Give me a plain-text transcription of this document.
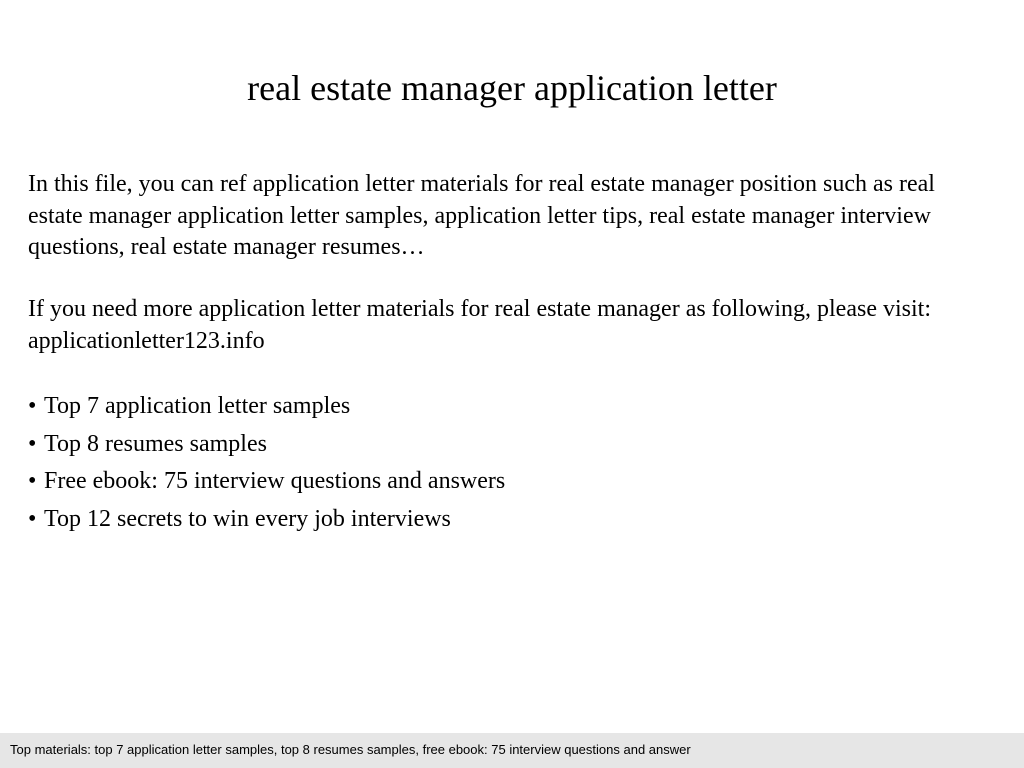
real estate manager application letter

In this file, you can ref application letter materials for real estate manager position such as real estate manager application letter samples, application letter tips, real estate manager interview questions, real estate manager resumes…

If you need more application letter materials for real estate manager as following, please visit: applicationletter123.info

• Top 7 application letter samples
• Top 8 resumes samples
• Free ebook: 75 interview questions and answers
• Top 12 secrets to win every job interviews
Top materials: top 7 application letter samples, top 8 resumes samples, free ebook: 75 interview questions and answer
